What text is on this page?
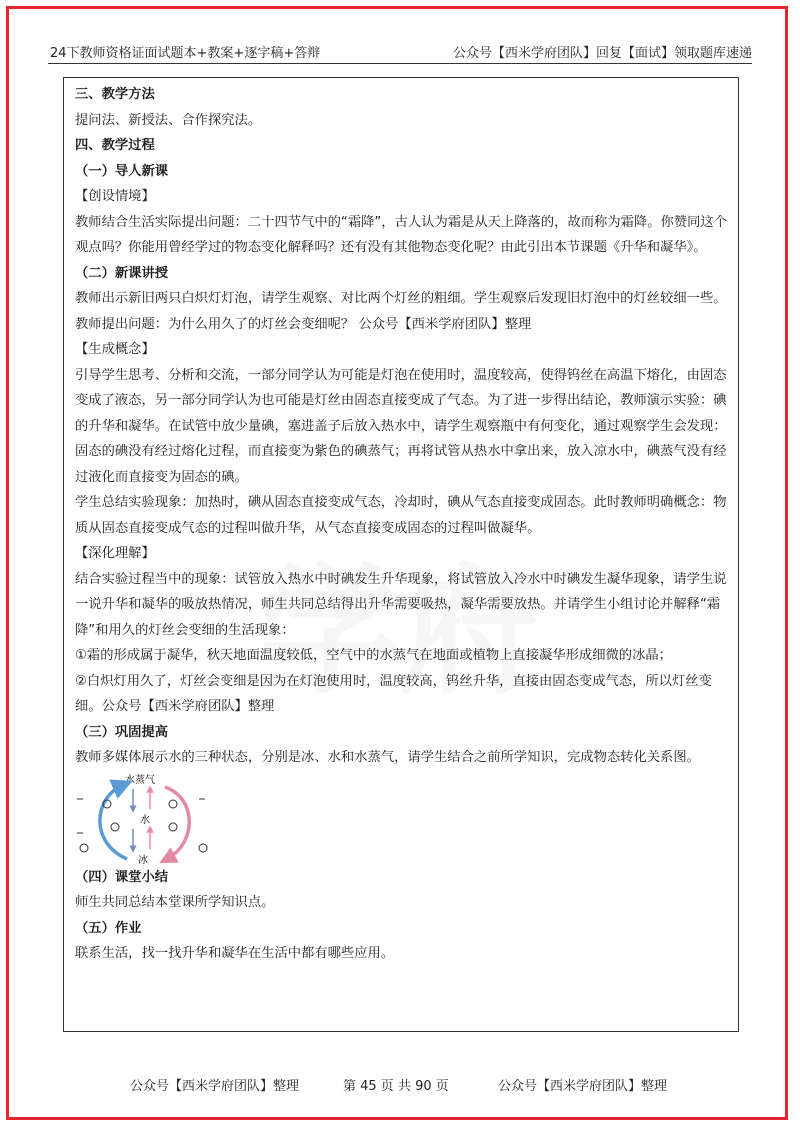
24下教师资格证面试题本+教案+逐字稿+答辩	公众号【西米学府团队】回复【面试】领取题库速递

三、教学方法

提问法、新授法、合作探究法。

四、教学过程

（一）导人新课

【创设情境】

教师结合生活实际提出问题：二十四节气中的“霜降”，古人认为霜是从天上降落的，故而称为霜降。你赞同这个观点吗？你能用曾经学过的物态变化解释吗？还有没有其他物态变化呢？由此引出本节课题《升华和凝华》。

（二）新课讲授

教师出示新旧两只白炽灯灯泡，请学生观察、对比两个灯丝的粗细。学生观察后发现旧灯泡中的灯丝较细一些。教师提出问题：为什么用久了的灯丝会变细呢？ 公众号【西米学府团队】整理

【生成概念】

引导学生思考、分析和交流，一部分同学认为可能是灯泡在使用时，温度较高，使得钨丝在高温下熔化，由固态变成了液态，另一部分同学认为也可能是灯丝由固态直接变成了气态。为了进一步得出结论，教师演示实验：碘的升华和凝华。在试管中放少量碘，塞进盖子后放入热水中，请学生观察瓶中有何变化，通过观察学生会发现：固态的碘没有经过熔化过程，而直接变为紫色的碘蒸气；再将试管从热水中拿出来，放入凉水中，碘蒸气没有经过液化而直接变为固态的碘。

学生总结实验现象：加热时，碘从固态直接变成气态，冷却时，碘从气态直接变成固态。此时教师明确概念：物质从固态直接变成气态的过程叫做升华，从气态直接变成固态的过程叫做凝华。

【深化理解】

结合实验过程当中的现象：试管放入热水中时碘发生升华现象，将试管放入冷水中时碘发生凝华现象，请学生说一说升华和凝华的吸放热情况，师生共同总结得出升华需要吸热，凝华需要放热。并请学生小组讨论并解释“霜降”和用久的灯丝会变细的生活现象：

①霜的形成属于凝华，秋天地面温度较低，空气中的水蒸气在地面或植物上直接凝华形成细微的冰晶；

②白炽灯用久了，灯丝会变细是因为在灯泡使用时，温度较高，钨丝升华，直接由固态变成气态，所以灯丝变细。公众号【西米学府团队】整理

（三）巩固提高

教师多媒体展示水的三种状态，分别是冰、水和水蒸气，请学生结合之前所学知识，完成物态转化关系图。

水蒸气
水
冰

（四）课堂小结

师生共同总结本堂课所学知识点。

（五）作业

联系生活，找一找升华和凝华在生活中都有哪些应用。

公众号【西米学府团队】整理	第 45 页 共 90 页	公众号【西米学府团队】整理
